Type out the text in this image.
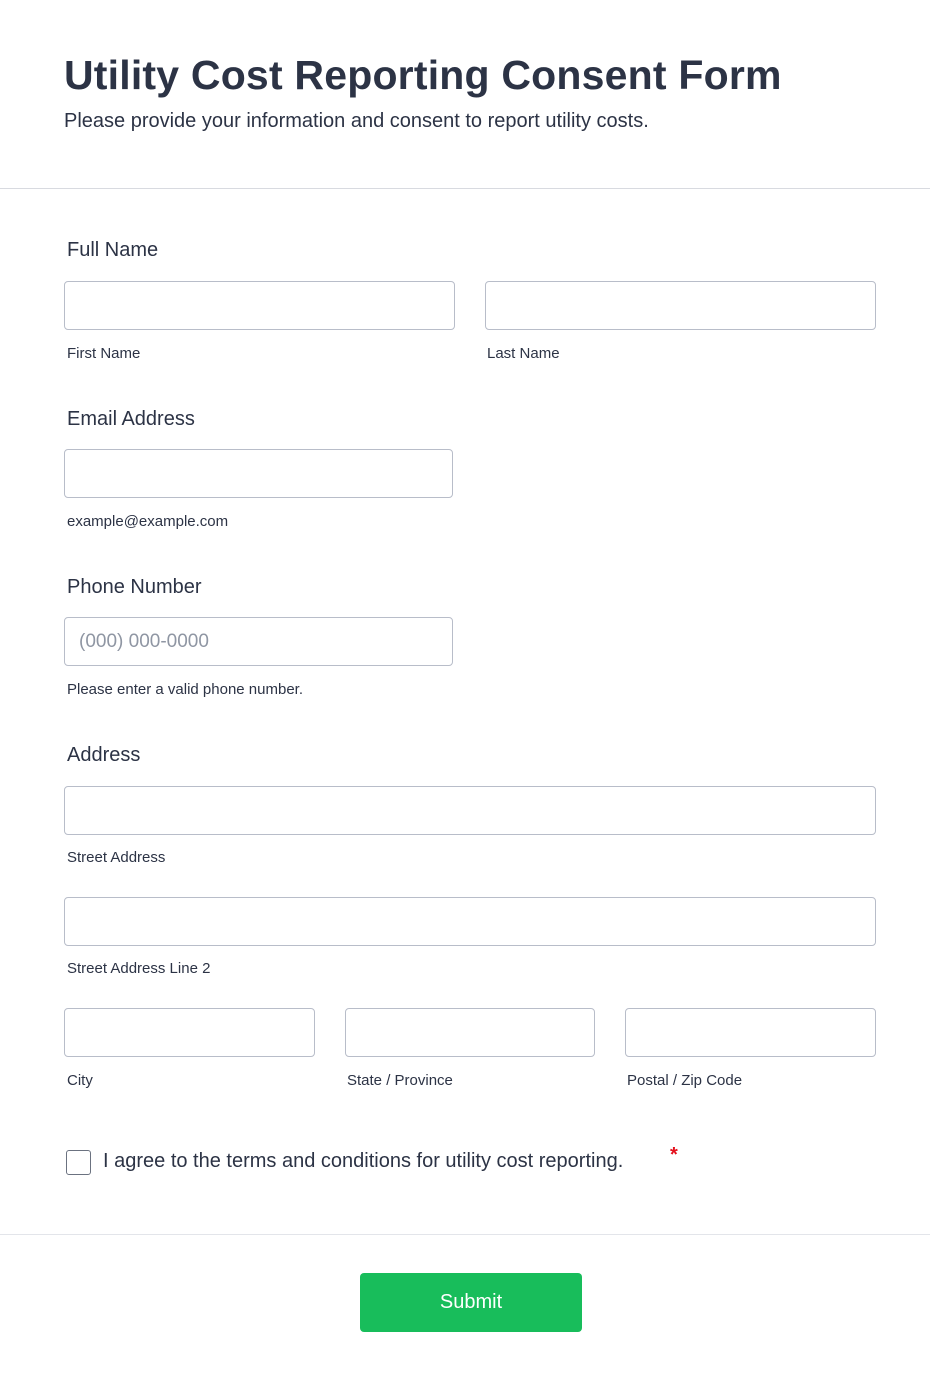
Utility Cost Reporting Consent Form
Please provide your information and consent to report utility costs.
Full Name
First Name	Last Name
Email Address
example@example.com
Phone Number
(000) 000-0000
Please enter a valid phone number.
Address
Street Address
Street Address Line 2
City	State / Province	Postal / Zip Code
I agree to the terms and conditions for utility cost reporting. *
Submit
